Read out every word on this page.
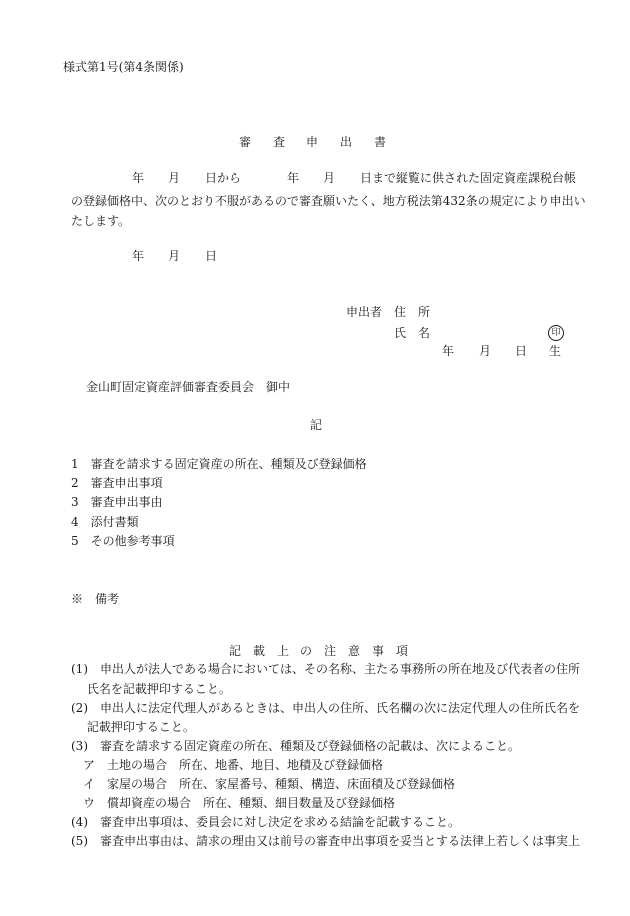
様式第1号(第4条関係)
審 査 申 出 書
年 月 日から	年 月 日まで縦覧に供された固定資産課税台帳
の登録価格中、次のとおり不服があるので審査願いたく、地方税法第432条の規定により申出い
たします。
年 月 日
申出者 住　所
氏　名	印
年 月 日 生
金山町固定資産評価審査委員会　御中
記
1　審査を請求する固定資産の所在、種類及び登録価格
2　審査申出事項
3　審査申出事由
4　添付書類
5　その他参考事項
※　備考
記 載 上 の 注 意 事 項
(1)　申出人が法人である場合においては、その名称、主たる事務所の所在地及び代表者の住所
　 氏名を記載押印すること。
(2)　申出人に法定代理人があるときは、申出人の住所、氏名欄の次に法定代理人の住所氏名を
　 記載押印すること。
(3)　審査を請求する固定資産の所在、種類及び登録価格の記載は、次によること。
　ア　土地の場合　所在、地番、地目、地積及び登録価格
　イ　家屋の場合　所在、家屋番号、種類、構造、床面積及び登録価格
　ウ　償却資産の場合　所在、種類、細目数量及び登録価格
(4)　審査申出事項は、委員会に対し決定を求める結論を記載すること。
(5)　審査申出事由は、請求の理由又は前号の審査申出事項を妥当とする法律上若しくは事実上
